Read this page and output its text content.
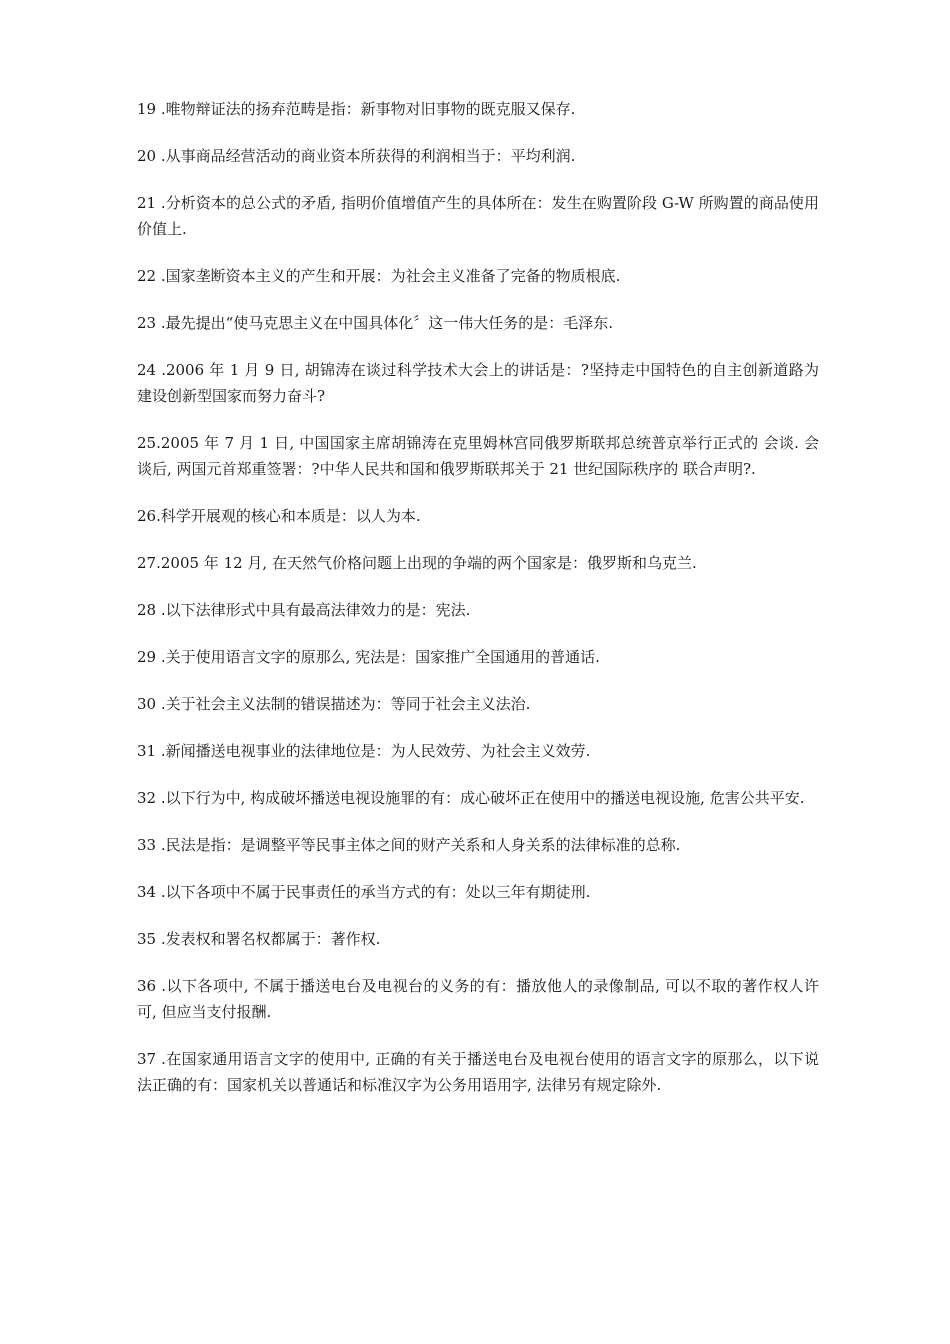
19 .唯物辩证法的扬弃范畴是指：新事物对旧事物的既克服又保存.

20 .从事商品经营活动的商业资本所获得的利润相当于：平均利润.

21 .分析资本的总公式的矛盾, 指明价值增值产生的具体所在：发生在购置阶段 G-W 所购置的商品使用价值上.

22 .国家垄断资本主义的产生和开展：为社会主义准备了完备的物质根底.

23 .最先提出“使马克思主义在中国具体化〞这一伟大任务的是：毛泽东.

24 .2006 年 1 月 9 日, 胡锦涛在谈过科学技术大会上的讲话是：?坚持走中国特色的自主创新道路为建设创新型国家而努力奋斗?

25.2005 年 7 月 1 日, 中国国家主席胡锦涛在克里姆林宫同俄罗斯联邦总统普京举行正式的 会谈. 会谈后, 两国元首郑重签署：?中华人民共和国和俄罗斯联邦关于 21 世纪国际秩序的 联合声明?.

26.科学开展观的核心和本质是：以人为本.

27.2005 年 12 月, 在天然气价格问题上出现的争端的两个国家是：俄罗斯和乌克兰.

28 .以下法律形式中具有最高法律效力的是：宪法.

29 .关于使用语言文字的原那么, 宪法是：国家推广全国通用的普通话.

30 .关于社会主义法制的错误描述为：等同于社会主义法治.

31 .新闻播送电视事业的法律地位是：为人民效劳、为社会主义效劳.

32 .以下行为中, 构成破坏播送电视设施罪的有：成心破坏正在使用中的播送电视设施, 危害公共平安.

33 .民法是指：是调整平等民事主体之间的财产关系和人身关系的法律标准的总称.

34 .以下各项中不属于民事责任的承当方式的有：处以三年有期徒刑.

35 .发表权和署名权都属于：著作权.

36 .以下各项中, 不属于播送电台及电视台的义务的有：播放他人的录像制品, 可以不取的著作权人许可, 但应当支付报酬.

37 .在国家通用语言文字的使用中, 正确的有关于播送电台及电视台使用的语言文字的原那么，以下说法正确的有：国家机关以普通话和标准汉字为公务用语用字, 法律另有规定除外.
